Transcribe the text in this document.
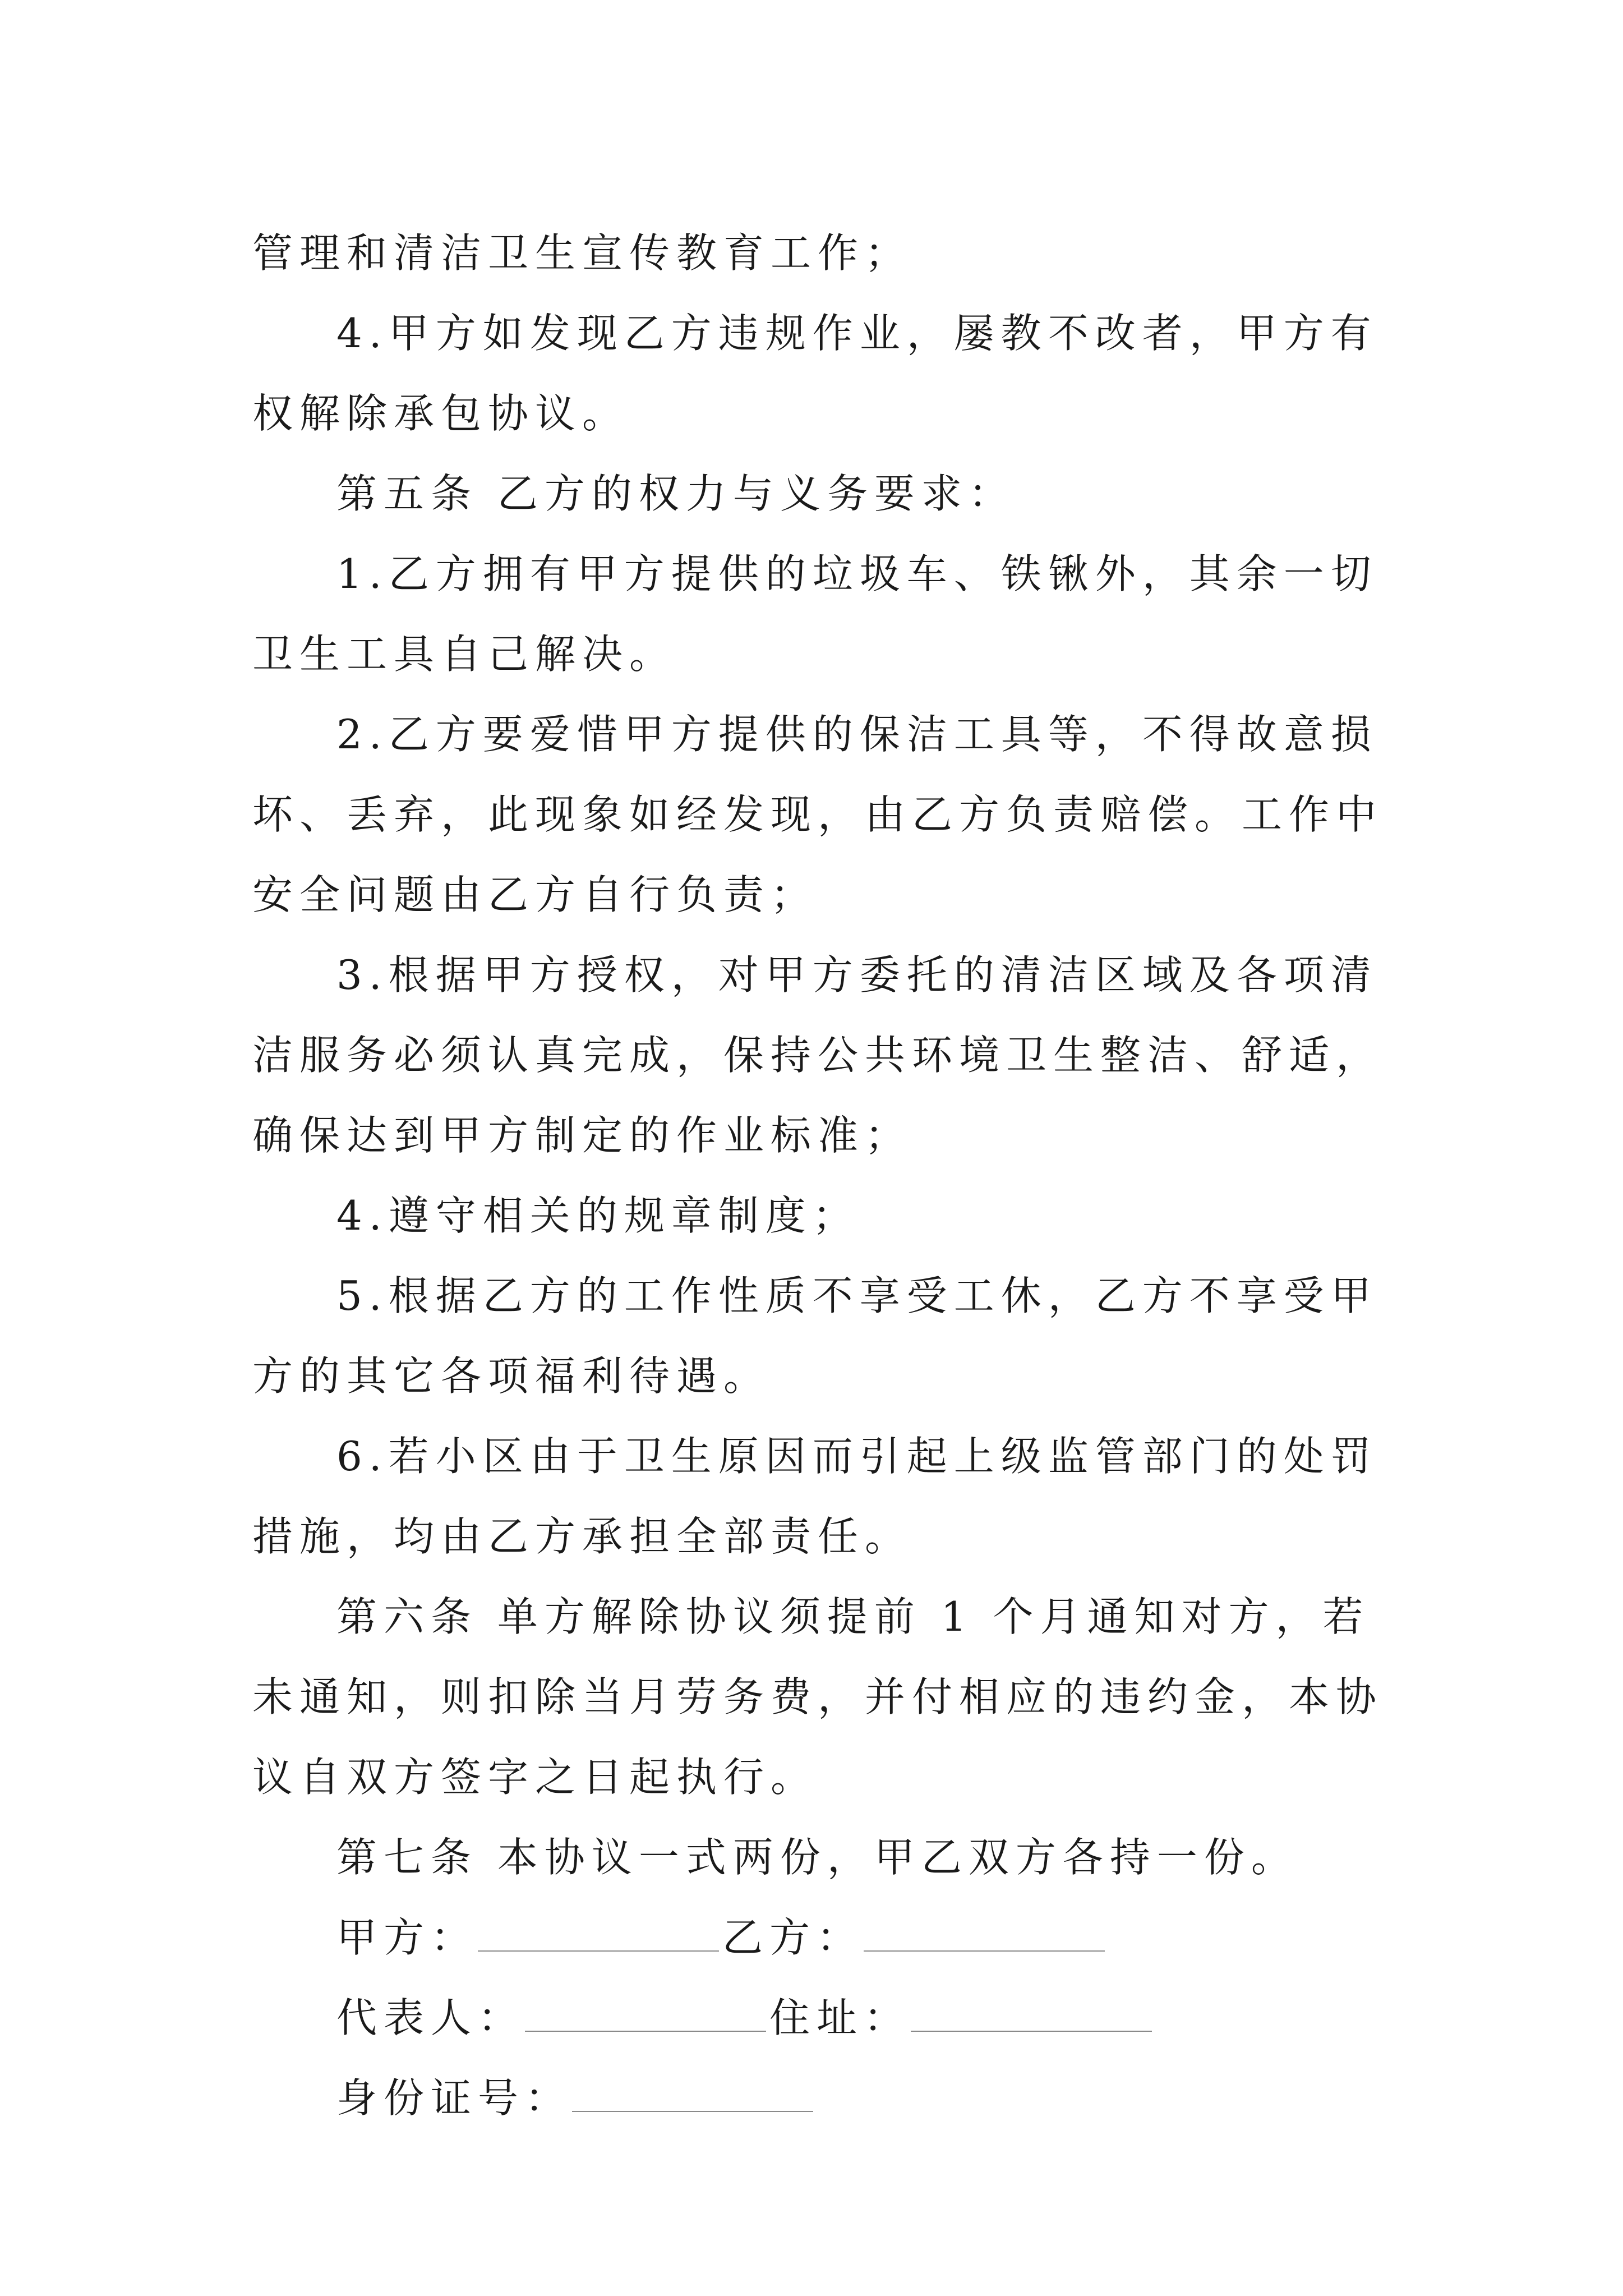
管理和清洁卫生宣传教育工作；

4.甲方如发现乙方违规作业，屡教不改者，甲方有权解除承包协议。

第五条 乙方的权力与义务要求：

1.乙方拥有甲方提供的垃圾车、铁锹外，其余一切卫生工具自己解决。

2.乙方要爱惜甲方提供的保洁工具等，不得故意损坏、丢弃，此现象如经发现，由乙方负责赔偿。工作中安全问题由乙方自行负责；

3.根据甲方授权，对甲方委托的清洁区域及各项清洁服务必须认真完成，保持公共环境卫生整洁、舒适，确保达到甲方制定的作业标准；

4.遵守相关的规章制度；

5.根据乙方的工作性质不享受工休，乙方不享受甲方的其它各项福利待遇。

6.若小区由于卫生原因而引起上级监管部门的处罚措施，均由乙方承担全部责任。

第六条 单方解除协议须提前 1 个月通知对方，若未通知，则扣除当月劳务费，并付相应的违约金，本协议自双方签字之日起执行。

第七条 本协议一式两份，甲乙双方各持一份。

甲方：	乙方：

代表人：	住址：

身份证号：
